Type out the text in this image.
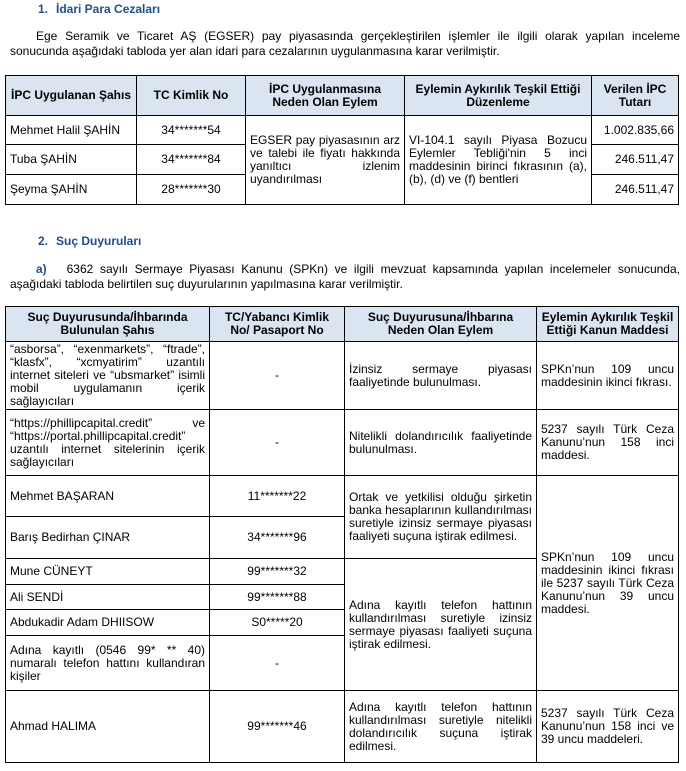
1. İdari Para Cezaları
Ege Seramik ve Ticaret AŞ (EGSER) pay piyasasında gerçekleştirilen işlemler ile ilgili olarak yapılan inceleme sonucunda aşağıdaki tabloda yer alan idari para cezalarının uygulanmasına karar verilmiştir.
İPC Uygulanan Şahıs	TC Kimlik No	İPC Uygulanmasına Neden Olan Eylem	Eylemin Aykırılık Teşkil Ettiği Düzenleme	Verilen İPC Tutarı
Mehmet Halil ŞAHİN	34*******54	EGSER pay piyasasının arz ve talebi ile fiyatı hakkında yanıltıcı izlenim uyandırılması	VI-104.1 sayılı Piyasa Bozucu Eylemler Tebliği'nin 5 inci maddesinin birinci fıkrasının (a), (b), (d) ve (f) bentleri	1.002.835,66
Tuba ŞAHİN	34*******84			246.511,47
Şeyma ŞAHİN	28*******30			246.511,47
2. Suç Duyuruları
a) 6362 sayılı Sermaye Piyasası Kanunu (SPKn) ve ilgili mevzuat kapsamında yapılan incelemeler sonucunda, aşağıdaki tabloda belirtilen suç duyurularının yapılmasına karar verilmiştir.
Suç Duyurusunda/İhbarında Bulunulan Şahıs	TC/Yabancı Kimlik No/ Pasaport No	Suç Duyurusuna/İhbarına Neden Olan Eylem	Eylemin Aykırılık Teşkil Ettiği Kanun Maddesi
“asborsa”, “exenmarkets”, “ftrade”, “klasfx”, “xcmyatirim” uzantılı internet siteleri ve “ubsmarket” isimli mobil uygulamanın içerik sağlayıcıları	-	İzinsiz sermaye piyasası faaliyetinde bulunulması.	SPKn’nun 109 uncu maddesinin ikinci fıkrası.
“https://phillipcapital.credit” ve “https://portal.phillipcapital.credit” uzantılı internet sitelerinin içerik sağlayıcıları	-	Nitelikli dolandırıcılık faaliyetinde bulunulması.	5237 sayılı Türk Ceza Kanunu’nun 158 inci maddesi.
Mehmet BAŞARAN	11*******22	Ortak ve yetkilisi olduğu şirketin banka hesaplarının kullandırılması suretiyle izinsiz sermaye piyasası faaliyeti suçuna iştirak edilmesi.	SPKn’nun 109 uncu maddesinin ikinci fıkrası ile 5237 sayılı Türk Ceza Kanunu’nun 39 uncu maddesi.
Barış Bedirhan ÇINAR	34*******96		
Mune CÜNEYT	99*******32	Adına kayıtlı telefon hattının kullandırılması suretiyle izinsiz sermaye piyasası faaliyeti suçuna iştirak edilmesi.	
Ali SENDİ	99*******88		
Abdukadir Adam DHIISOW	S0*****20		
Adına kayıtlı (0546 99* ** 40) numaralı telefon hattını kullandıran kişiler	-		
Ahmad HALIMA	99*******46	Adına kayıtlı telefon hattının kullandırılması suretiyle nitelikli dolandırıcılık suçuna iştirak edilmesi.	5237 sayılı Türk Ceza Kanunu’nun 158 inci ve 39 uncu maddeleri.
